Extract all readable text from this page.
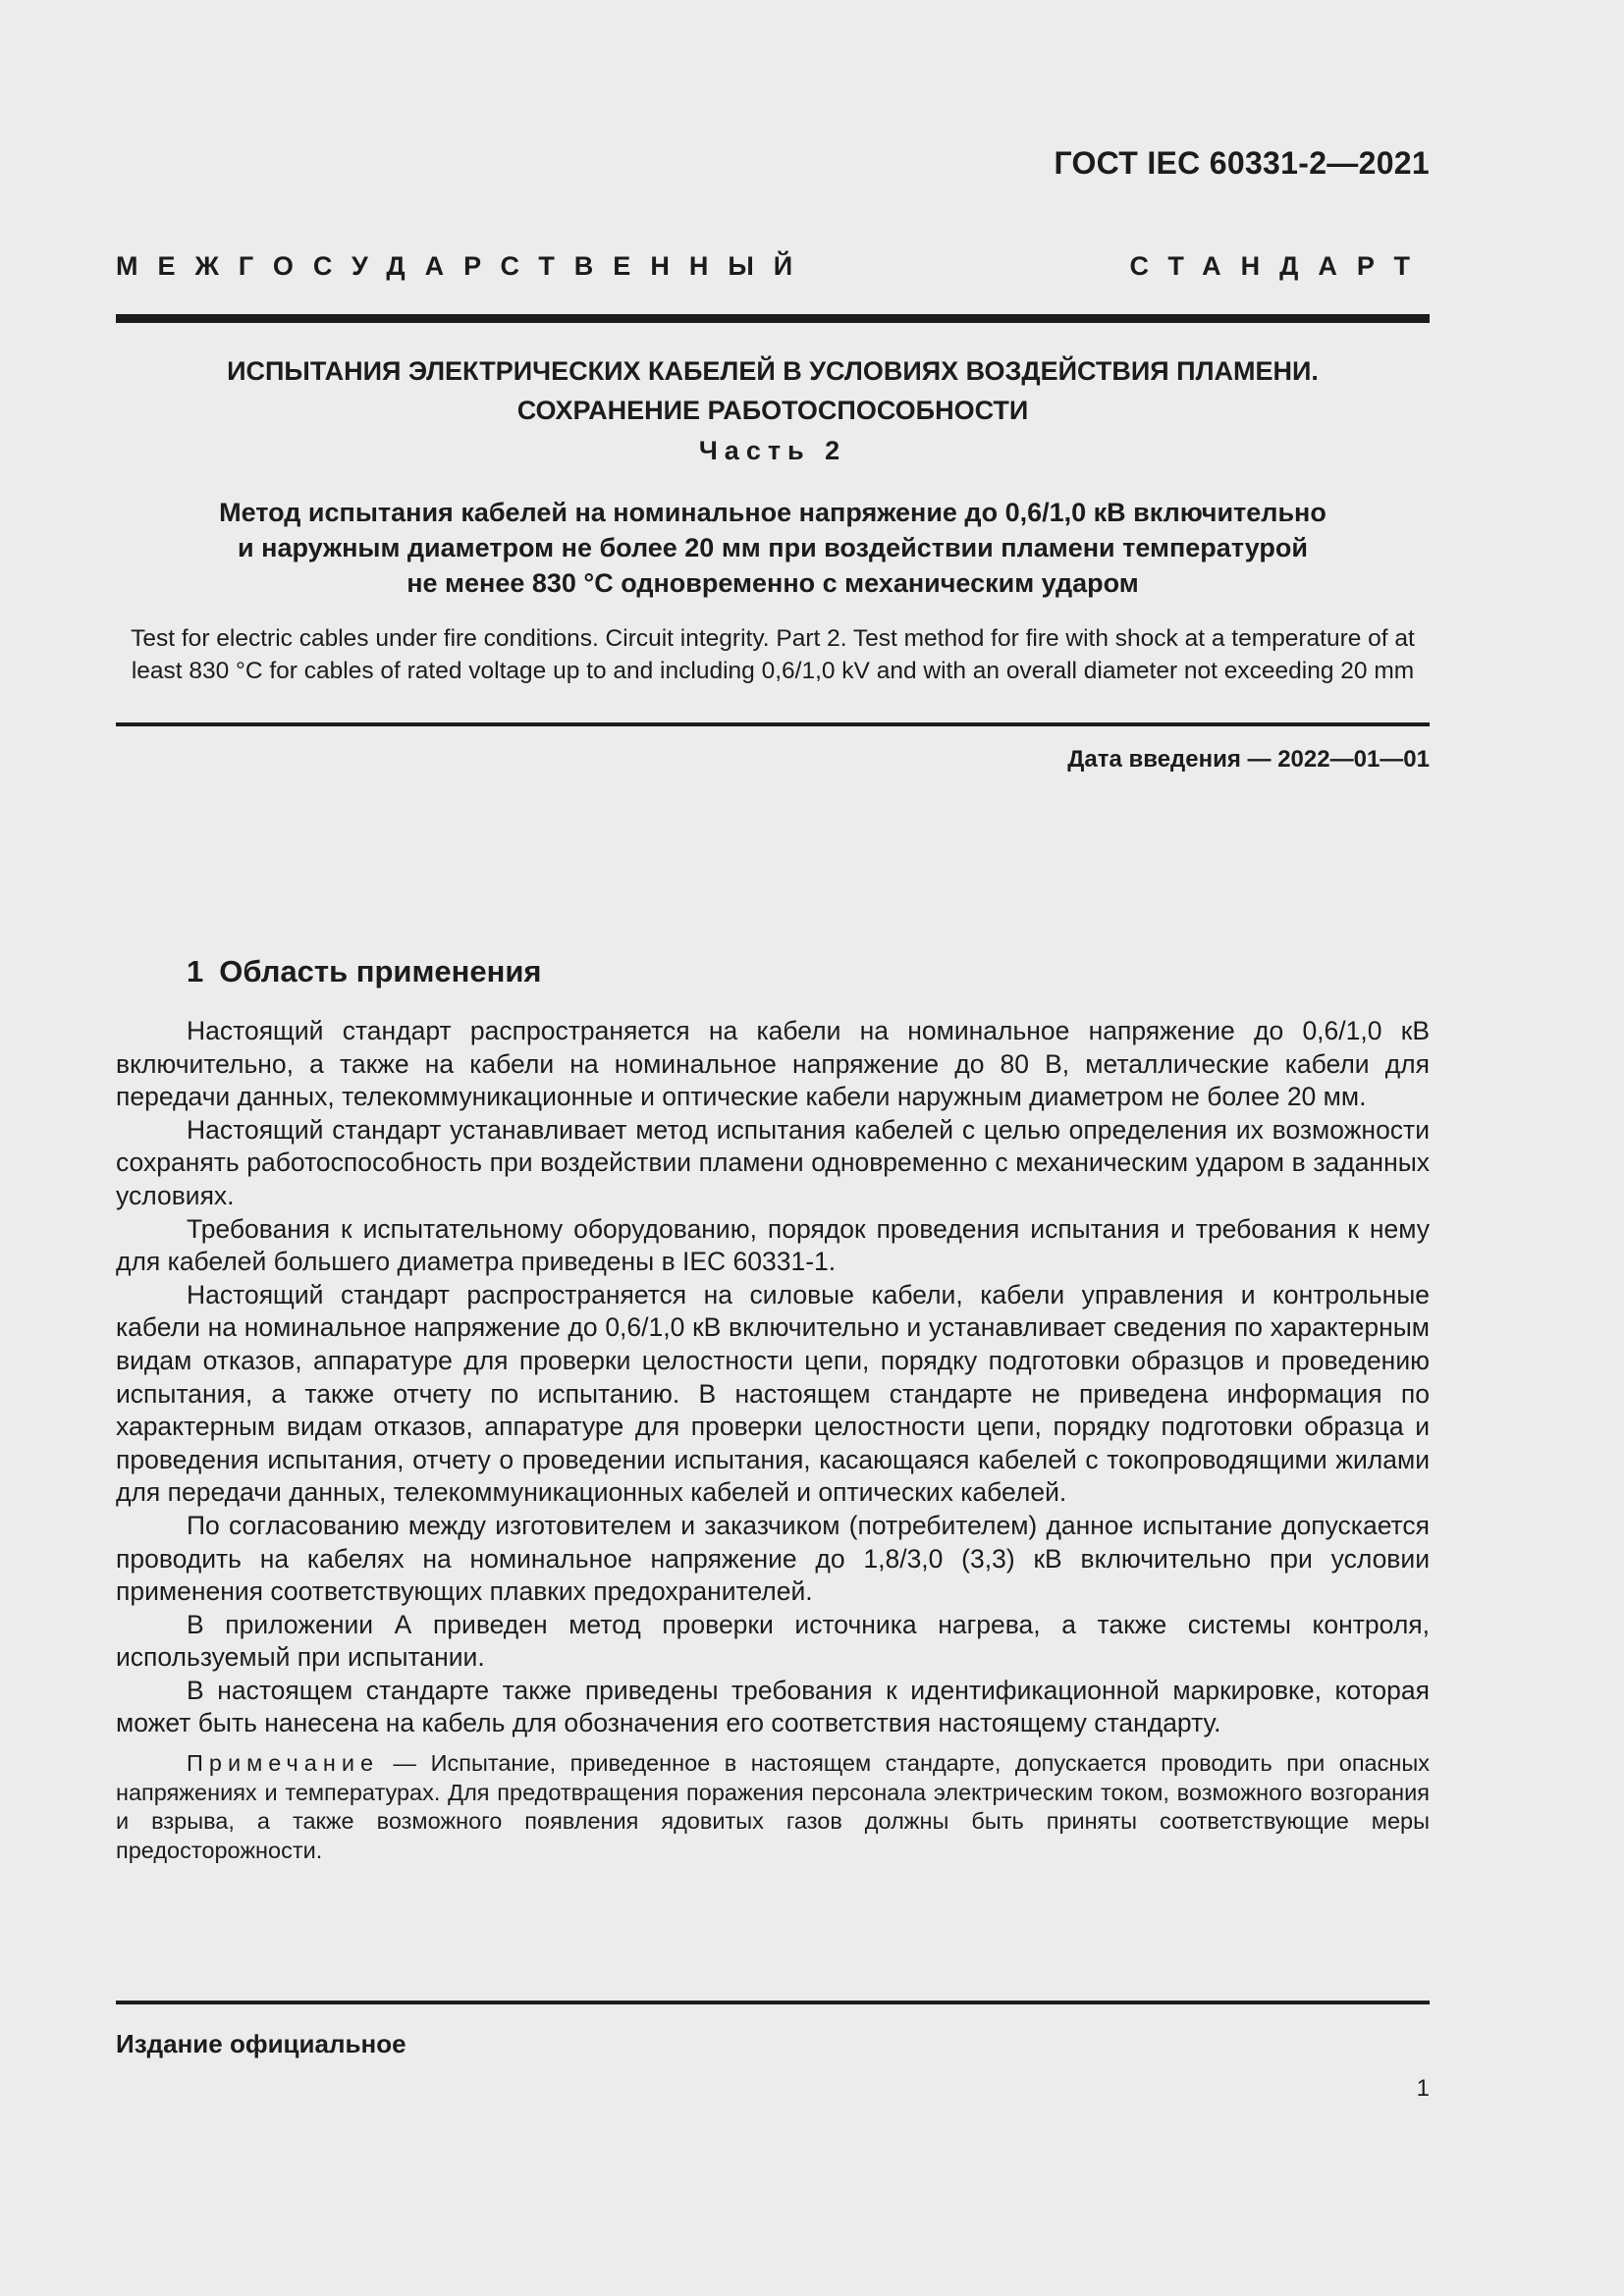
ГОСТ IEC 60331-2—2021
МЕЖГОСУДАРСТВЕННЫЙ СТАНДАРТ
ИСПЫТАНИЯ ЭЛЕКТРИЧЕСКИХ КАБЕЛЕЙ В УСЛОВИЯХ ВОЗДЕЙСТВИЯ ПЛАМЕНИ.
СОХРАНЕНИЕ РАБОТОСПОСОБНОСТИ
Часть 2
Метод испытания кабелей на номинальное напряжение до 0,6/1,0 кВ включительно
и наружным диаметром не более 20 мм при воздействии пламени температурой
не менее 830 °С одновременно с механическим ударом
Test for electric cables under fire conditions. Circuit integrity. Part 2. Test method for fire with shock at a temperature of at
least 830 °C for cables of rated voltage up to and including 0,6/1,0 kV and with an overall diameter not exceeding 20 mm
Дата введения — 2022—01—01
1 Область применения

Настоящий стандарт распространяется на кабели на номинальное напряжение до 0,6/1,0 кВ включительно, а также на кабели на номинальное напряжение до 80 В, металлические кабели для передачи данных, телекоммуникационные и оптические кабели наружным диаметром не более 20 мм.

Настоящий стандарт устанавливает метод испытания кабелей с целью определения их возможности сохранять работоспособность при воздействии пламени одновременно с механическим ударом в заданных условиях.

Требования к испытательному оборудованию, порядок проведения испытания и требования к нему для кабелей большего диаметра приведены в IEC 60331-1.

Настоящий стандарт распространяется на силовые кабели, кабели управления и контрольные кабели на номинальное напряжение до 0,6/1,0 кВ включительно и устанавливает сведения по характерным видам отказов, аппаратуре для проверки целостности цепи, порядку подготовки образцов и проведению испытания, а также отчету по испытанию. В настоящем стандарте не приведена информация по характерным видам отказов, аппаратуре для проверки целостности цепи, порядку подготовки образца и проведения испытания, отчету о проведении испытания, касающаяся кабелей с токопроводящими жилами для передачи данных, телекоммуникационных кабелей и оптических кабелей.

По согласованию между изготовителем и заказчиком (потребителем) данное испытание допускается проводить на кабелях на номинальное напряжение до 1,8/3,0 (3,3) кВ включительно при условии применения соответствующих плавких предохранителей.

В приложении А приведен метод проверки источника нагрева, а также системы контроля, используемый при испытании.

В настоящем стандарте также приведены требования к идентификационной маркировке, которая может быть нанесена на кабель для обозначения его соответствия настоящему стандарту.

Примечание — Испытание, приведенное в настоящем стандарте, допускается проводить при опасных напряжениях и температурах. Для предотвращения поражения персонала электрическим током, возможного возгорания и взрыва, а также возможного появления ядовитых газов должны быть приняты соответствующие меры предосторожности.
Издание официальное
1
